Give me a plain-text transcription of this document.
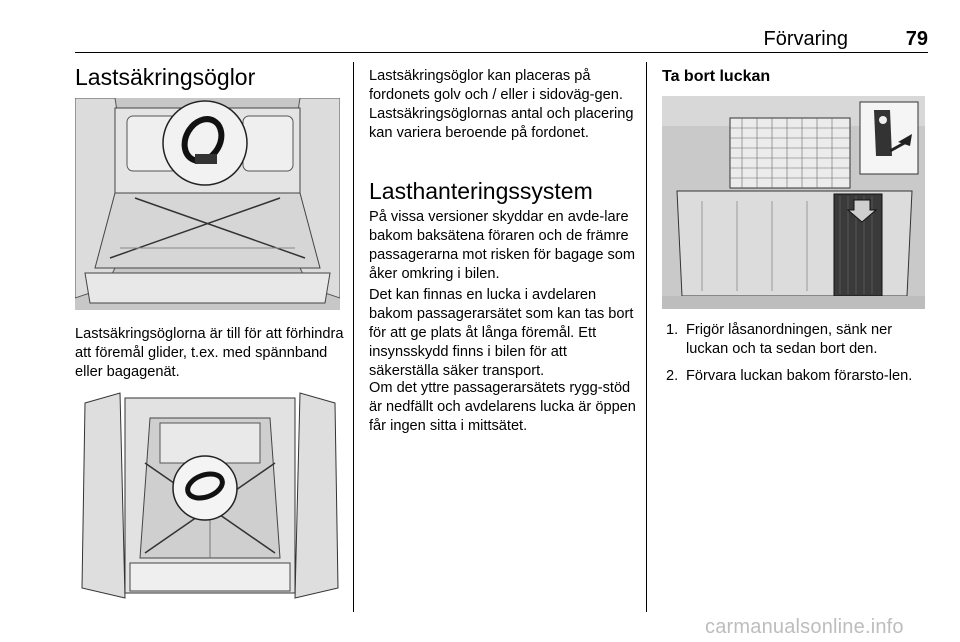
Förvaring	79
Lastsäkringsöglor

Lastsäkringsöglorna är till för att förhindra att föremål glider, t.ex. med spännband eller bagagenät.

Lastsäkringsöglor kan placeras på fordonets golv och / eller i sidoväg-gen. Lastsäkringsöglornas antal och placering kan variera beroende på fordonet.

Lasthanteringssystem

På vissa versioner skyddar en avde-lare bakom baksätena föraren och de främre passagerarna mot risken för bagage som åker omkring i bilen.

Det kan finnas en lucka i avdelaren bakom passagerarsätet som kan tas bort för att ge plats åt långa föremål. Ett insynsskydd finns i bilen för att säkerställa säker transport.

Om det yttre passagerarsätets rygg-stöd är nedfällt och avdelarens lucka är öppen får ingen sitta i mittsätet.

Ta bort luckan
1. Frigör låsanordningen, sänk ner luckan och ta sedan bort den.
2. Förvara luckan bakom förarsto-len.
carmanualsonline.info
